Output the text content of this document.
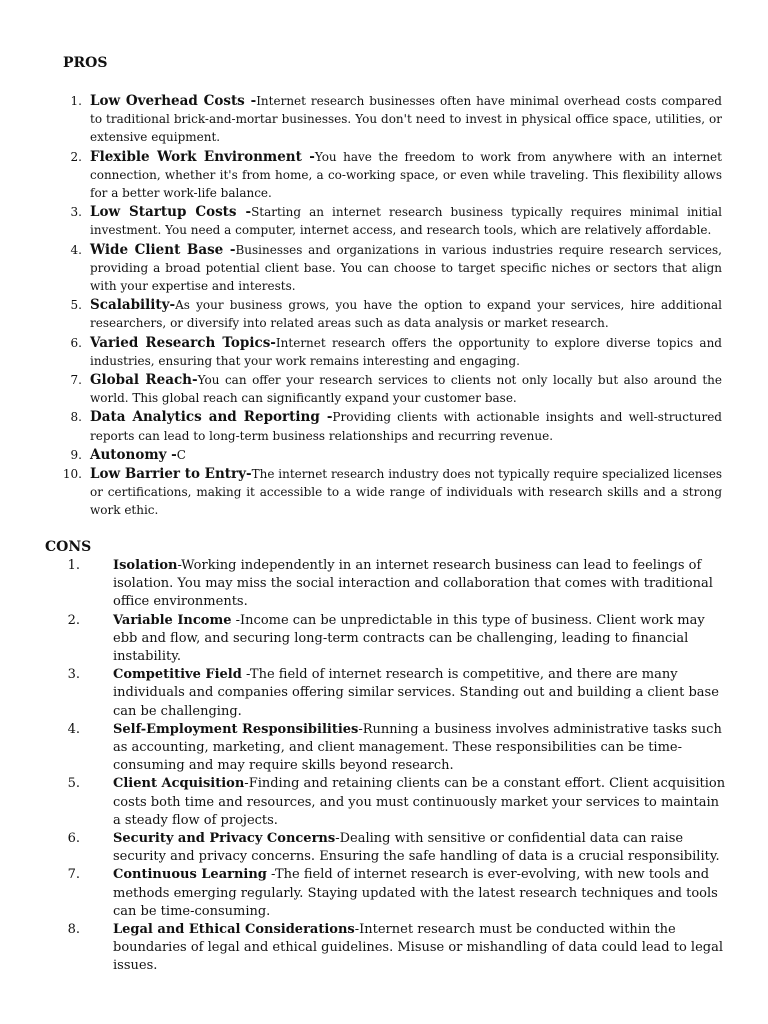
PROS
1. Low Overhead Costs -Internet research businesses often have minimal overhead costs compared to traditional brick-and-mortar businesses. You don't need to invest in physical office space, utilities, or extensive equipment.
2. Flexible Work Environment -You have the freedom to work from anywhere with an internet connection, whether it's from home, a co-working space, or even while traveling. This flexibility allows for a better work-life balance.
3. Low Startup Costs -Starting an internet research business typically requires minimal initial investment. You need a computer, internet access, and research tools, which are relatively affordable.
4. Wide Client Base -Businesses and organizations in various industries require research services, providing a broad potential client base. You can choose to target specific niches or sectors that align with your expertise and interests.
5. Scalability-As your business grows, you have the option to expand your services, hire additional researchers, or diversify into related areas such as data analysis or market research.
6. Varied Research Topics-Internet research offers the opportunity to explore diverse topics and industries, ensuring that your work remains interesting and engaging.
7. Global Reach-You can offer your research services to clients not only locally but also around the world. This global reach can significantly expand your customer base.
8. Data Analytics and Reporting -Providing clients with actionable insights and well-structured reports can lead to long-term business relationships and recurring revenue.
9. Autonomy -C
10. Low Barrier to Entry-The internet research industry does not typically require specialized licenses or certifications, making it accessible to a wide range of individuals with research skills and a strong work ethic.
CONS
1.	Isolation-Working independently in an internet research business can lead to feelings of isolation. You may miss the social interaction and collaboration that comes with traditional office environments.
2.	Variable Income -Income can be unpredictable in this type of business. Client work may ebb and flow, and securing long-term contracts can be challenging, leading to financial instability.
3.	Competitive Field -The field of internet research is competitive, and there are many individuals and companies offering similar services. Standing out and building a client base can be challenging.
4.	Self-Employment Responsibilities-Running a business involves administrative tasks such as accounting, marketing, and client management. These responsibilities can be time-consuming and may require skills beyond research.
5.	Client Acquisition-Finding and retaining clients can be a constant effort. Client acquisition costs both time and resources, and you must continuously market your services to maintain a steady flow of projects.
6.	Security and Privacy Concerns-Dealing with sensitive or confidential data can raise security and privacy concerns. Ensuring the safe handling of data is a crucial responsibility.
7.	Continuous Learning -The field of internet research is ever-evolving, with new tools and methods emerging regularly. Staying updated with the latest research techniques and tools can be time-consuming.
8.	Legal and Ethical Considerations-Internet research must be conducted within the boundaries of legal and ethical guidelines. Misuse or mishandling of data could lead to legal issues.
